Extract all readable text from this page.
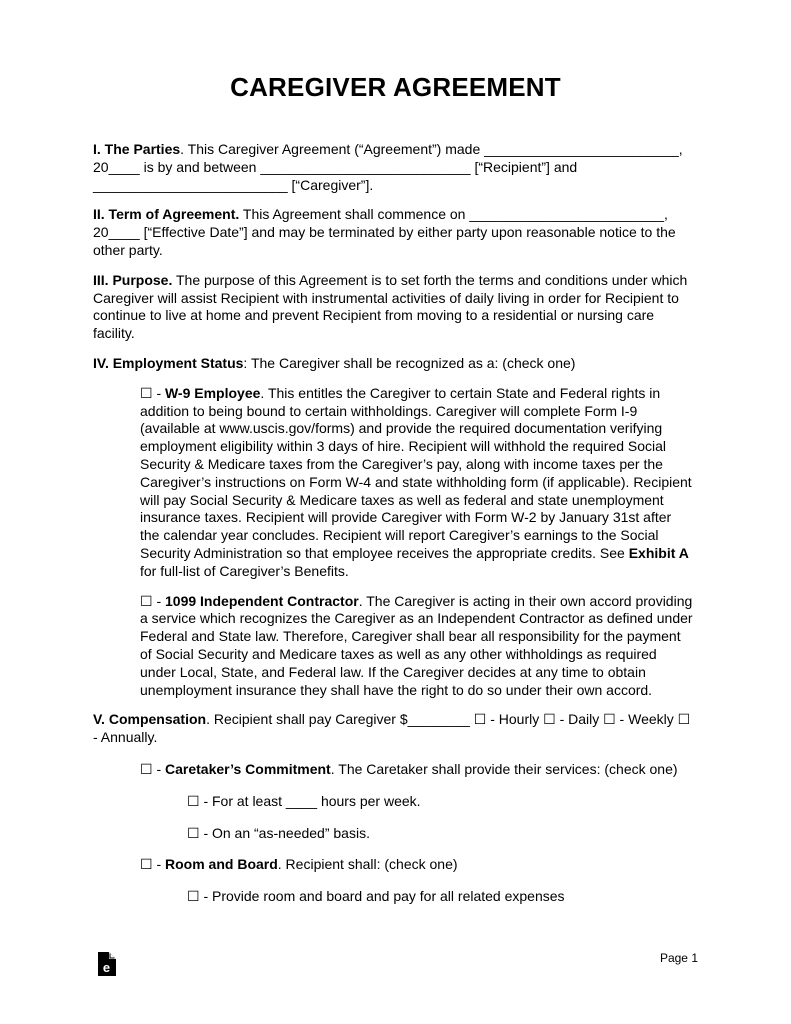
CAREGIVER AGREEMENT

I. The Parties. This Caregiver Agreement (“Agreement”) made _________________________, 20____ is by and between ___________________________ [“Recipient”] and _________________________ [“Caregiver”].

II. Term of Agreement. This Agreement shall commence on _________________________, 20____ [“Effective Date”] and may be terminated by either party upon reasonable notice to the other party.

III. Purpose. The purpose of this Agreement is to set forth the terms and conditions under which Caregiver will assist Recipient with instrumental activities of daily living in order for Recipient to continue to live at home and prevent Recipient from moving to a residential or nursing care facility.

IV. Employment Status: The Caregiver shall be recognized as a: (check one)

☐ - W-9 Employee. This entitles the Caregiver to certain State and Federal rights in addition to being bound to certain withholdings. Caregiver will complete Form I-9 (available at www.uscis.gov/forms) and provide the required documentation verifying employment eligibility within 3 days of hire. Recipient will withhold the required Social Security & Medicare taxes from the Caregiver’s pay, along with income taxes per the Caregiver’s instructions on Form W-4 and state withholding form (if applicable). Recipient will pay Social Security & Medicare taxes as well as federal and state unemployment insurance taxes. Recipient will provide Caregiver with Form W-2 by January 31st after the calendar year concludes. Recipient will report Caregiver’s earnings to the Social Security Administration so that employee receives the appropriate credits. See Exhibit A for full-list of Caregiver’s Benefits.

☐ - 1099 Independent Contractor. The Caregiver is acting in their own accord providing a service which recognizes the Caregiver as an Independent Contractor as defined under Federal and State law. Therefore, Caregiver shall bear all responsibility for the payment of Social Security and Medicare taxes as well as any other withholdings as required under Local, State, and Federal law. If the Caregiver decides at any time to obtain unemployment insurance they shall have the right to do so under their own accord.

V. Compensation. Recipient shall pay Caregiver $________ ☐ - Hourly ☐ - Daily ☐ - Weekly ☐ - Annually.

☐ - Caretaker’s Commitment. The Caretaker shall provide their services: (check one)

☐ - For at least ____ hours per week.

☐ - On an “as-needed” basis.

☐ - Room and Board. Recipient shall: (check one)

☐ - Provide room and board and pay for all related expenses

e
Page 1
